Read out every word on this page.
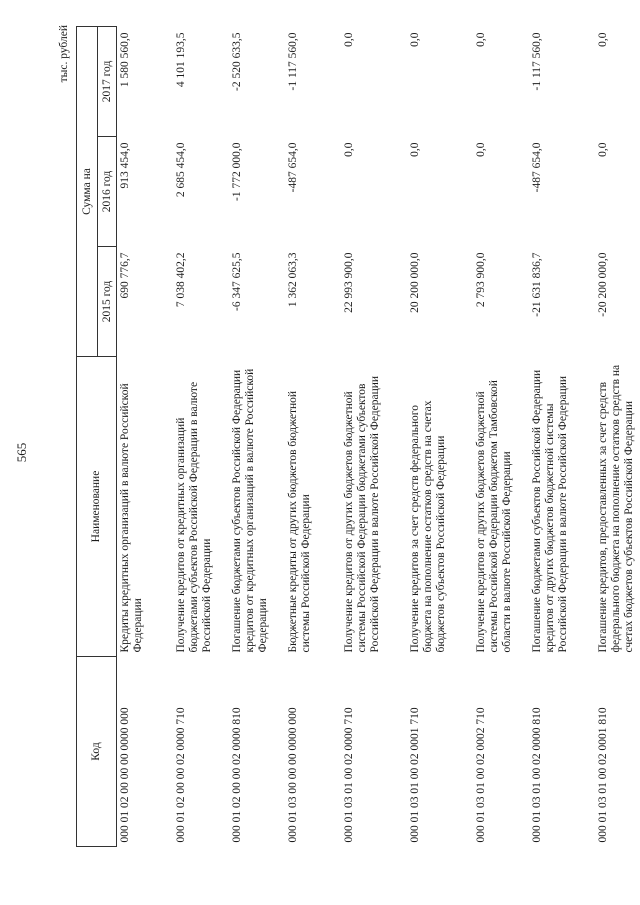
565
тыс. рублей
Код	Наименование	Сумма на		
		2015 год	2016 год	2017 год
000 01 02 00 00 00 0000 000	Кредиты кредитных организаций в валюте Российской Федерации	690 776,7	913 454,0	1 580 560,0
000 01 02 00 00 02 0000 710	Получение кредитов от кредитных организаций бюджетами субъектов Российской Федерации в валюте Российской Федерации	7 038 402,2	2 685 454,0	4 101 193,5
000 01 02 00 00 02 0000 810	Погашение бюджетами субъектов Российской Федерации кредитов от кредитных организаций в валюте Российской Федерации	-6 347 625,5	-1 772 000,0	-2 520 633,5
000 01 03 00 00 00 0000 000	Бюджетные кредиты от других бюджетов бюджетной системы Российской Федерации	1 362 063,3	-487 654,0	-1 117 560,0
000 01 03 01 00 02 0000 710	Получение кредитов от других бюджетов бюджетной системы Российской Федерации бюджетами субъектов Российской Федерации в валюте Российской Федерации	22 993 900,0	0,0	0,0
000 01 03 01 00 02 0001 710	Получение кредитов за счет средств федерального бюджета на пополнение остатков средств на счетах бюджетов субъектов Российской Федерации	20 200 000,0	0,0	0,0
000 01 03 01 00 02 0002 710	Получение кредитов от других бюджетов бюджетной системы Российской Федерации бюджетом Тамбовской области в валюте Российской Федерации	2 793 900,0	0,0	0,0
000 01 03 01 00 02 0000 810	Погашение бюджетами субъектов Российской Федерации кредитов от других бюджетов бюджетной системы Российской Федерации в валюте Российской Федерации	-21 631 836,7	-487 654,0	-1 117 560,0
000 01 03 01 00 02 0001 810	Погашение кредитов, предоставленных за счет средств федерального бюджета на пополнение остатков средств на счетах бюджетов субъектов Российской Федерации	-20 200 000,0	0,0	0,0
